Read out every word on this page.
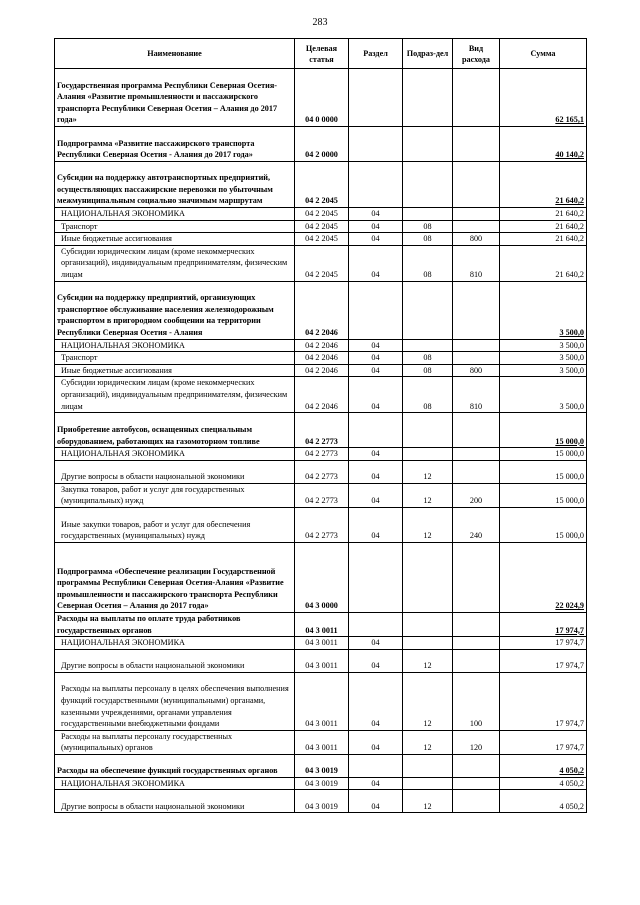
283
Наименование	Целевая статья	Раздел	Подраз-дел	Вид расхода	Сумма
Государственная программа Республики Северная Осетия-Алания «Развитие промышленности и пассажирского транспорта Республики Северная Осетия – Алания до 2017 года»	04 0 0000				62 165,1
Подпрограмма «Развитие пассажирского транспорта Республики Северная Осетия - Алания до 2017 года»	04 2 0000				40 140,2
Субсидии на поддержку автотранспортных предприятий, осуществляющих пассажирские перевозки по убыточным межмуниципальным социально значимым маршрутам	04 2 2045				21 640,2
НАЦИОНАЛЬНАЯ ЭКОНОМИКА	04 2 2045	04			21 640,2
Транспорт	04 2 2045	04	08		21 640,2
Иные бюджетные ассигнования	04 2 2045	04	08	800	21 640,2
Субсидии юридическим лицам (кроме некоммерческих организаций), индивидуальным предпринимателям, физическим лицам	04 2 2045	04	08	810	21 640,2
Субсидии на поддержку предприятий, организующих транспортное обслуживание населения железнодорожным транспортом в пригородном сообщении на территории Республики Северная Осетия - Алания	04 2 2046				3 500,0
НАЦИОНАЛЬНАЯ ЭКОНОМИКА	04 2 2046	04			3 500,0
Транспорт	04 2 2046	04	08		3 500,0
Иные бюджетные ассигнования	04 2 2046	04	08	800	3 500,0
Субсидии юридическим лицам (кроме некоммерческих организаций), индивидуальным предпринимателям, физическим лицам	04 2 2046	04	08	810	3 500,0
Приобретение автобусов, оснащенных специальным оборудованием, работающих на газомоторном топливе	04 2 2773				15 000,0
НАЦИОНАЛЬНАЯ ЭКОНОМИКА	04 2 2773	04			15 000,0
Другие вопросы в области национальной экономики	04 2 2773	04	12		15 000,0
Закупка товаров, работ и услуг для государственных (муниципальных) нужд	04 2 2773	04	12	200	15 000,0
Иные закупки товаров, работ и услуг для обеспечения государственных (муниципальных) нужд	04 2 2773	04	12	240	15 000,0
Подпрограмма «Обеспечение реализации Государственной программы Республики Северная Осетия-Алания «Развитие промышленности и пассажирского транспорта Республики Северная Осетия – Алания до 2017 года»	04 3 0000				22 024,9
Расходы на выплаты по оплате труда работников государственных органов	04 3 0011				17 974,7
НАЦИОНАЛЬНАЯ ЭКОНОМИКА	04 3 0011	04			17 974,7
Другие вопросы в области национальной экономики	04 3 0011	04	12		17 974,7
Расходы на выплаты персоналу в целях обеспечения выполнения функций государственными (муниципальными) органами, казенными учреждениями, органами управления государственными внебюджетными фондами	04 3 0011	04	12	100	17 974,7
Расходы на выплаты персоналу государственных (муниципальных) органов	04 3 0011	04	12	120	17 974,7
Расходы на обеспечение функций государственных органов	04 3 0019				4 050,2
НАЦИОНАЛЬНАЯ ЭКОНОМИКА	04 3 0019	04			4 050,2
Другие вопросы в области национальной экономики	04 3 0019	04	12		4 050,2
